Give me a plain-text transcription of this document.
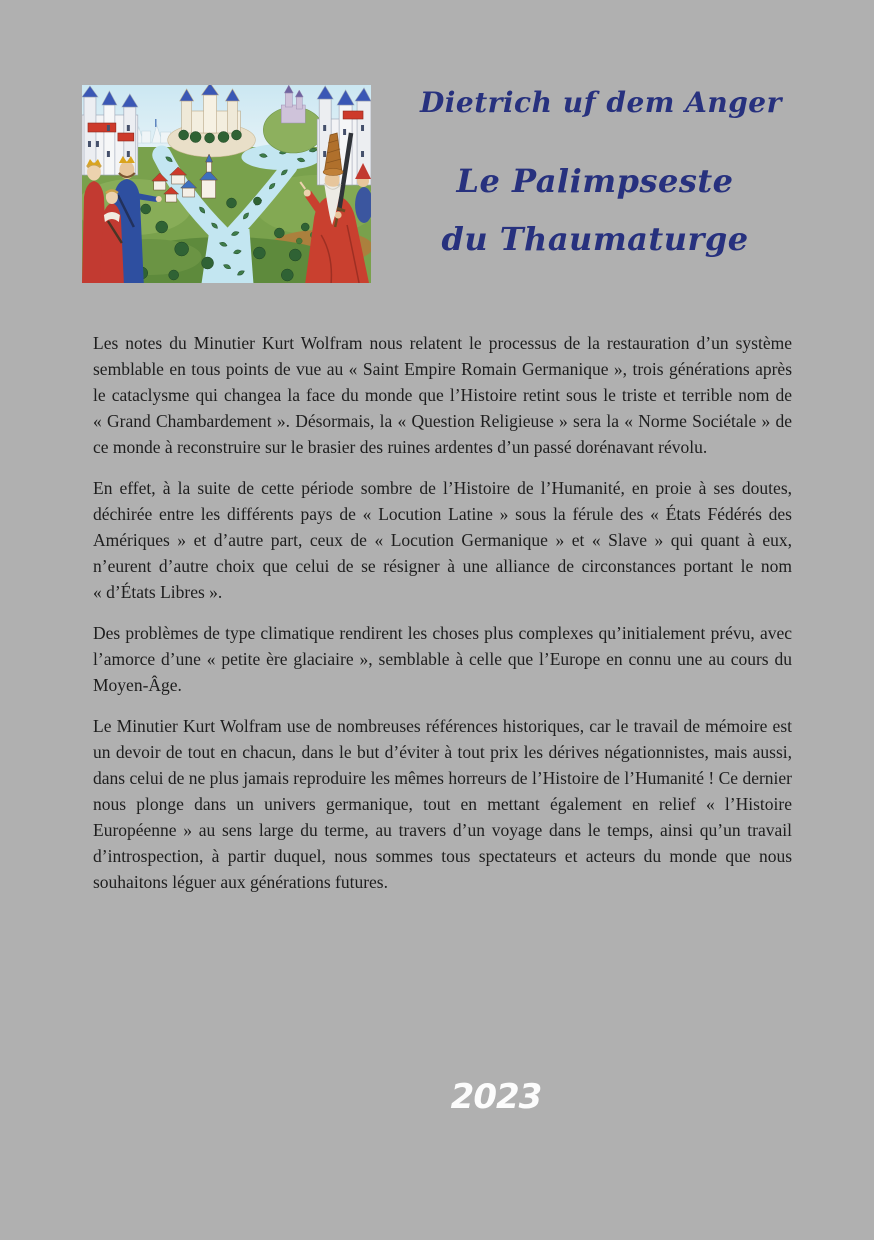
Dietrich uf dem Anger
Le Palimpseste
du Thaumaturge

Les notes du Minutier Kurt Wolfram nous relatent le processus de la restauration d’un système semblable en tous points de vue au « Saint Empire Romain Germanique », trois générations après le cataclysme qui changea la face du monde que l’Histoire retint sous le triste et terrible nom de « Grand Chambardement ». Désormais, la « Question Religieuse » sera la « Norme Sociétale » de ce monde à reconstruire sur le brasier des ruines ardentes d’un passé dorénavant révolu.

En effet, à la suite de cette période sombre de l’Histoire de l’Humanité, en proie à ses doutes, déchirée entre les différents pays de « Locution Latine » sous la férule des « États Fédérés des Amériques » et d’autre part, ceux de « Locution Germanique » et « Slave » qui quant à eux, n’eurent d’autre choix que celui de se résigner à une alliance de circonstances portant le nom « d’États Libres ».

Des problèmes de type climatique rendirent les choses plus complexes qu’initialement prévu, avec l’amorce d’une « petite ère glaciaire », semblable à celle que l’Europe en connu une au cours du Moyen-Âge.

Le Minutier Kurt Wolfram use de nombreuses références historiques, car le travail de mémoire est un devoir de tout en chacun, dans le but d’éviter à tout prix les dérives négationnistes, mais aussi, dans celui de ne plus jamais reproduire les mêmes horreurs de l’Histoire de l’Humanité ! Ce dernier nous plonge dans un univers germanique, tout en mettant également en relief « l’Histoire Européenne » au sens large du terme, au travers d’un voyage dans le temps, ainsi qu’un travail d’introspection, à partir duquel, nous sommes tous spectateurs et acteurs du monde que nous souhaitons léguer aux générations futures.

2023
